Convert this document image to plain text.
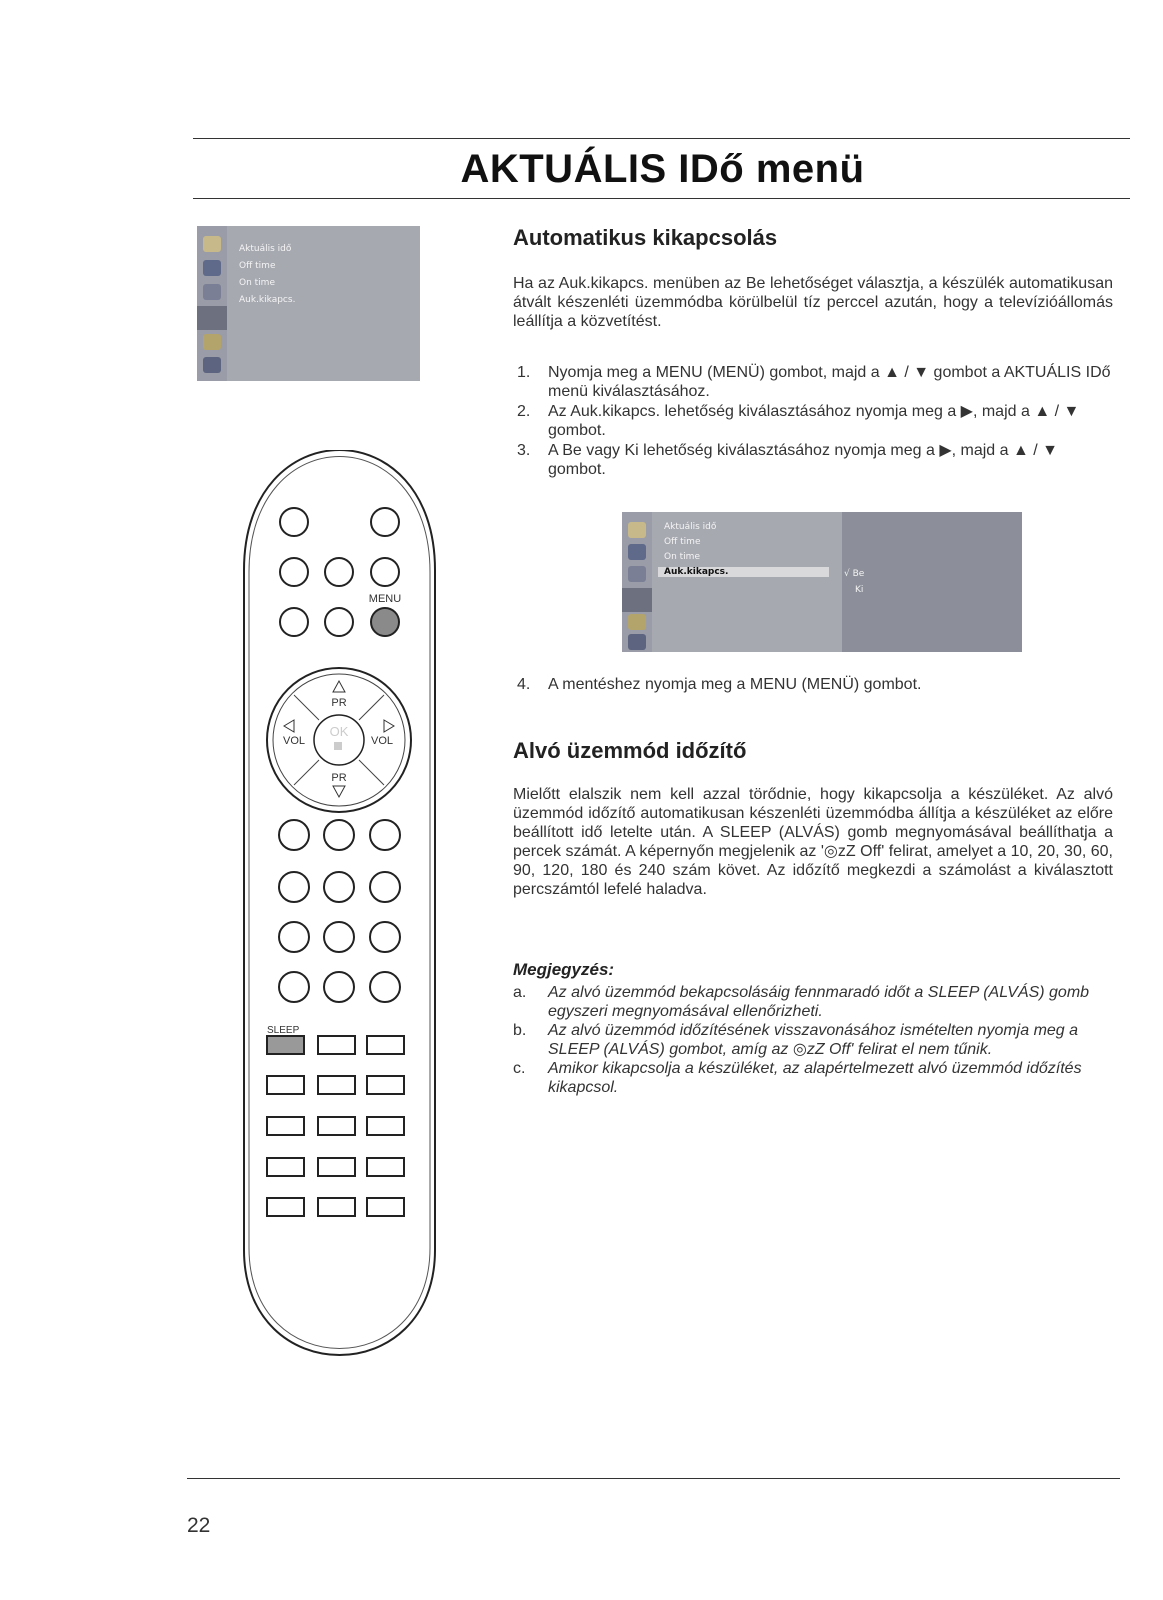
AKTUÁLIS IDő menü
Aktuális idő
Off time
On time
Auk.kikapcs.
MENU
OK
PR
PR
VOL	VOL
SLEEP
Automatikus kikapcsolás
Ha az Auk.kikapcs. menüben az Be lehetőséget választja, a készülék automatikusan átvált készenléti üzemmódba körülbelül tíz perccel azután, hogy a televízióállomás leállítja a közvetítést.
1. Nyomja meg a MENU (MENÜ) gombot, majd a ▲ / ▼ gombot a AKTUÁLIS IDő menü kiválasztásához.
2. Az Auk.kikapcs. lehetőség kiválasztásához nyomja meg a ▶, majd a ▲ / ▼ gombot.
3. A Be vagy Ki lehetőség kiválasztásához nyomja meg a ▶, majd a ▲ / ▼ gombot.
Aktuális idő
Off time
On time
Auk.kikapcs.	√ Be
Ki
4. A mentéshez nyomja meg a MENU (MENÜ) gombot.
Alvó üzemmód időzítő
Mielőtt elalszik nem kell azzal törődnie, hogy kikapcsolja a készüléket. Az alvó üzemmód időzítő automatikusan készenléti üzemmódba állítja a készüléket az előre beállított idő letelte után. A SLEEP (ALVÁS) gomb megnyomásával beállíthatja a percek számát. A képernyőn megjelenik az '◎zZ Off' felirat, amelyet a 10, 20, 30, 60, 90, 120, 180 és 240 szám követ. Az időzítő megkezdi a számolást a kiválasztott percszámtól lefelé haladva.
Megjegyzés:
a. Az alvó üzemmód bekapcsolásáig fennmaradó időt a SLEEP (ALVÁS) gomb egyszeri megnyomásával ellenőrizheti.
b. Az alvó üzemmód időzítésének visszavonásához ismételten nyomja meg a SLEEP (ALVÁS) gombot, amíg az ◎zZ Off' felirat el nem tűnik.
c. Amikor kikapcsolja a készüléket, az alapértelmezett alvó üzemmód időzítés kikapcsol.
22
